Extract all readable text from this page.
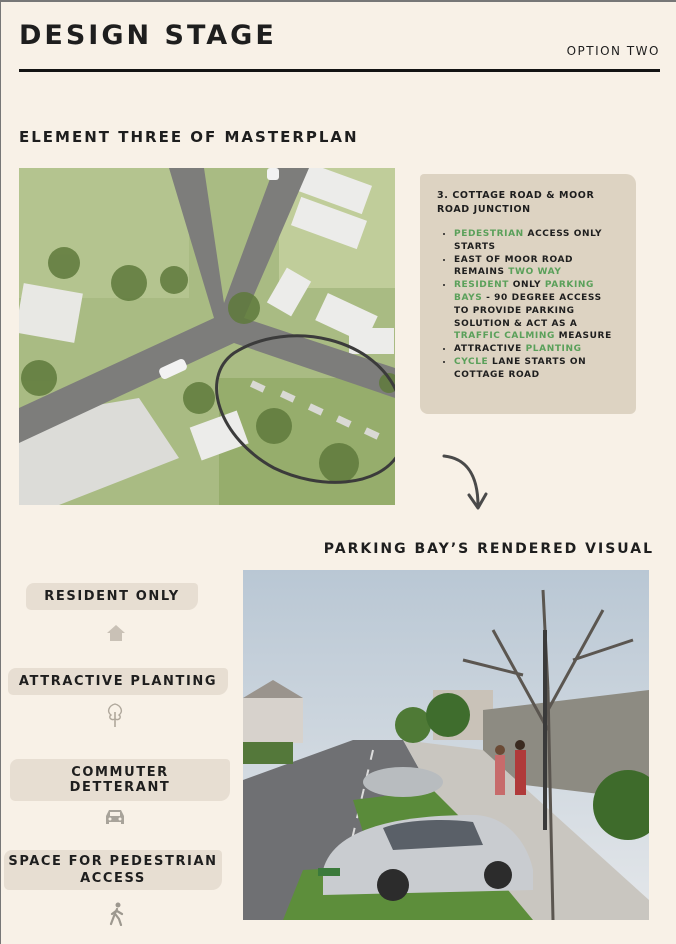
DESIGN STAGE	OPTION TWO
ELEMENT THREE OF MASTERPLAN
3. COTTAGE ROAD & MOOR ROAD JUNCTION
• PEDESTRIAN ACCESS ONLY STARTS
• EAST OF MOOR ROAD REMAINS TWO WAY
• RESIDENT ONLY PARKING BAYS - 90 DEGREE ACCESS TO PROVIDE PARKING SOLUTION & ACT AS A TRAFFIC CALMING MEASURE
• ATTRACTIVE PLANTING
• CYCLE LANE STARTS ON COTTAGE ROAD
PARKING BAY’S RENDERED VISUAL
RESIDENT ONLY
ATTRACTIVE PLANTING
COMMUTER DETTERANT
SPACE FOR PEDESTRIAN ACCESS
